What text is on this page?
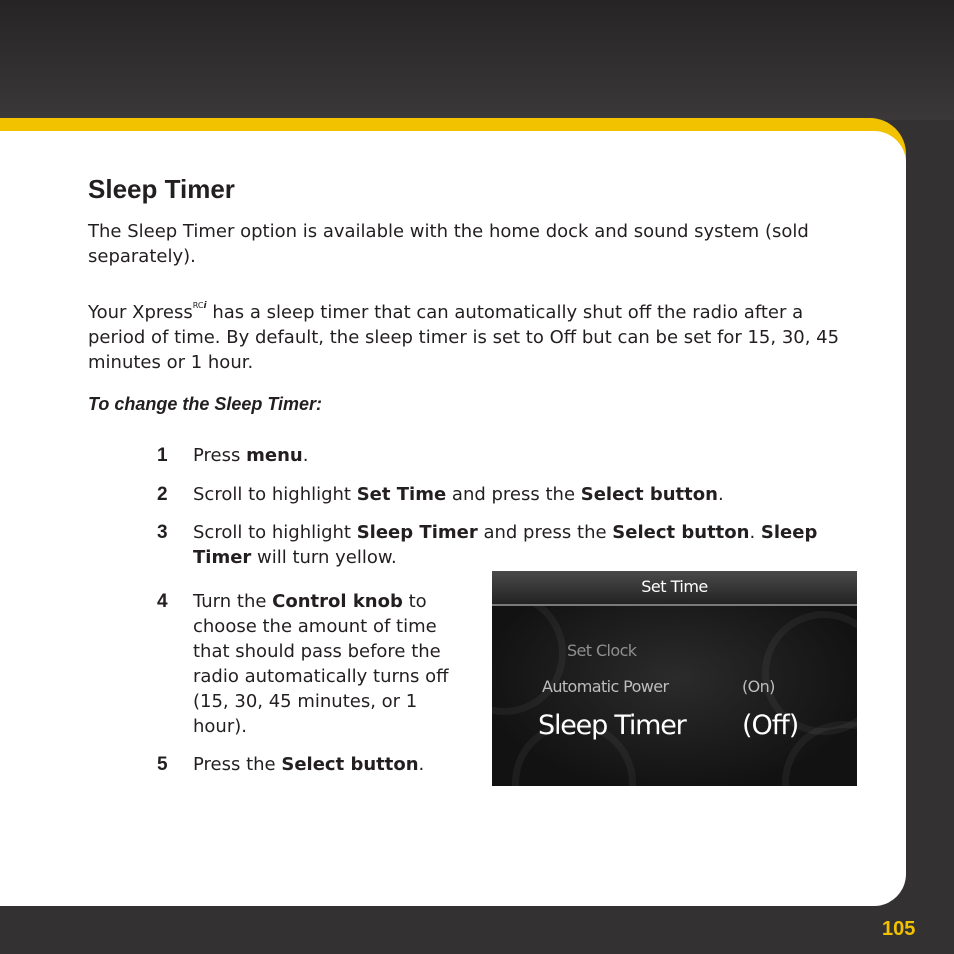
Sleep Timer

The Sleep Timer option is available with the home dock and sound system (sold separately).

Your Xpress$^{RCi}$ has a sleep timer that can automatically shut off the radio after a period of time. By default, the sleep timer is set to Off but can be set for 15, 30, 45 minutes or 1 hour.

To change the Sleep Timer:
1	Press menu.
2	Scroll to highlight Set Time and press the Select button.
3	Scroll to highlight Sleep Timer and press the Select button. Sleep Timer will turn yellow.
4	Turn the Control knob to choose the amount of time that should pass before the radio automatically turns off (15, 30, 45 minutes, or 1 hour).
5	Press the Select button.
Set Time
Set Clock
Automatic Power	(On)
Sleep Timer (Off)

105
